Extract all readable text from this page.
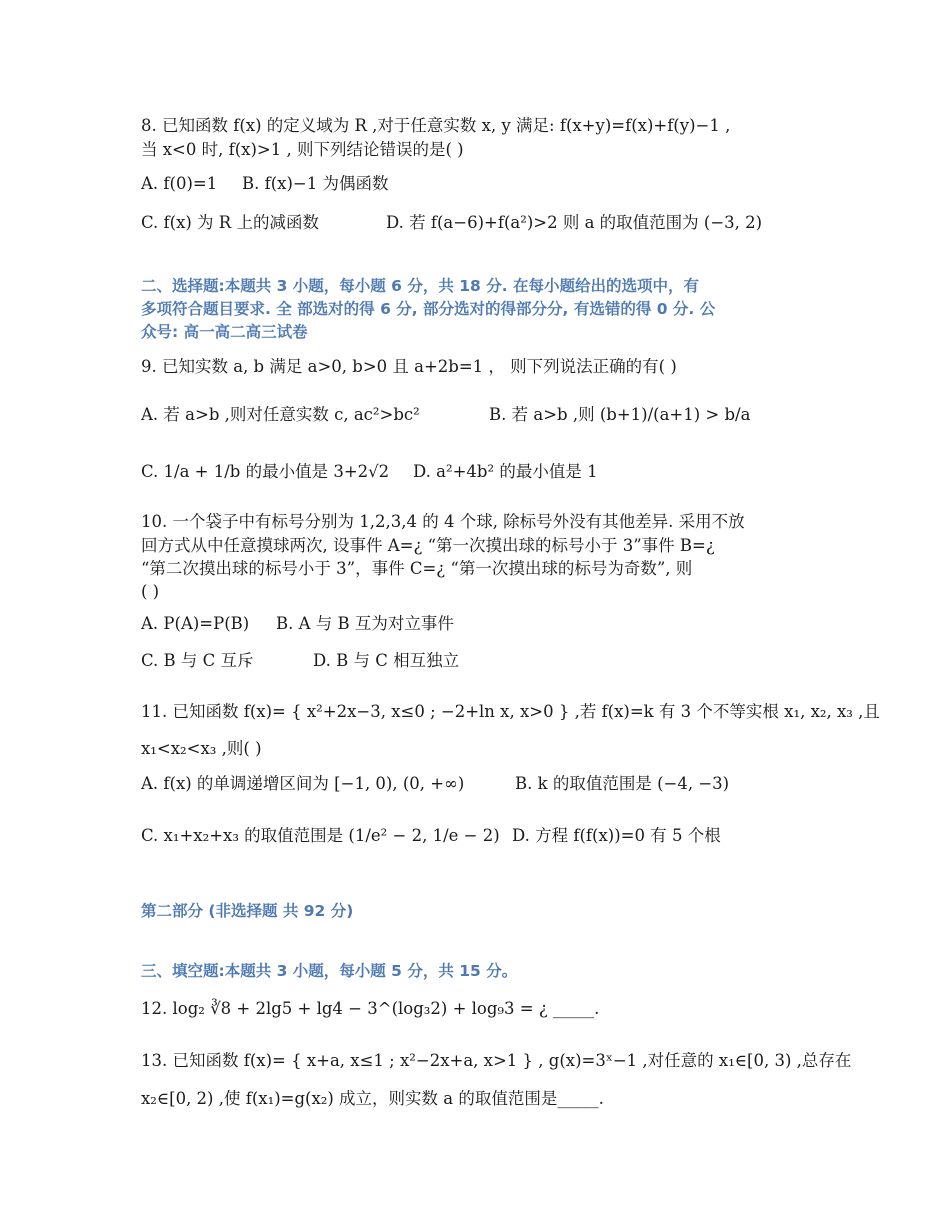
8. 已知函数 f(x) 的定义域为 R ,对于任意实数 x, y 满足: f(x+y)=f(x)+f(y)−1 ,
当 x<0 时, f(x)>1 , 则下列结论错误的是( )
A. f(0)=1	B. f(x)−1 为偶函数
C. f(x) 为 R 上的减函数	D. 若 f(a−6)+f(a²)>2 则 a 的取值范围为 (−3, 2)
二、选择题:本题共 3 小题，每小题 6 分，共 18 分. 在每小题给出的选项中，有
多项符合题目要求. 全 部选对的得 6 分, 部分选对的得部分分, 有选错的得 0 分. 公
众号: 高一高二高三试卷
9. 已知实数 a, b 满足 a>0, b>0 且 a+2b=1 ， 则下列说法正确的有( )
A. 若 a>b ,则对任意实数 c, ac²>bc²	B. 若 a>b ,则 (b+1)/(a+1) > b/a
C. 1/a + 1/b 的最小值是 3+2√2	D. a²+4b² 的最小值是 1
10. 一个袋子中有标号分别为 1,2,3,4 的 4 个球, 除标号外没有其他差异. 采用不放
回方式从中任意摸球两次, 设事件 A=¿ “第一次摸出球的标号小于 3”事件 B=¿
“第二次摸出球的标号小于 3”，事件 C=¿ “第一次摸出球的标号为奇数”, 则
( )
A. P(A)=P(B)	B. A 与 B 互为对立事件
C. B 与 C 互斥	D. B 与 C 相互独立
11. 已知函数 f(x)= { x²+2x−3, x≤0 ; −2+ln x, x>0 } ,若 f(x)=k 有 3 个不等实根 x₁, x₂, x₃ ,且
x₁<x₂<x₃ ,则( )
A. f(x) 的单调递增区间为 [−1, 0), (0, +∞)	B. k 的取值范围是 (−4, −3)
C. x₁+x₂+x₃ 的取值范围是 (1/e² − 2, 1/e − 2) D. 方程 f(f(x))=0 有 5 个根
第二部分 (非选择题 共 92 分)
三、填空题:本题共 3 小题，每小题 5 分，共 15 分。
12. log₂ ∛8 + 2lg5 + lg4 − 3^(log₃2) + log₉3 = ¿ _____.
13. 已知函数 f(x)= { x+a, x≤1 ; x²−2x+a, x>1 } , g(x)=3ˣ−1 ,对任意的 x₁∈[0, 3) ,总存在
x₂∈[0, 2) ,使 f(x₁)=g(x₂) 成立，则实数 a 的取值范围是_____.
